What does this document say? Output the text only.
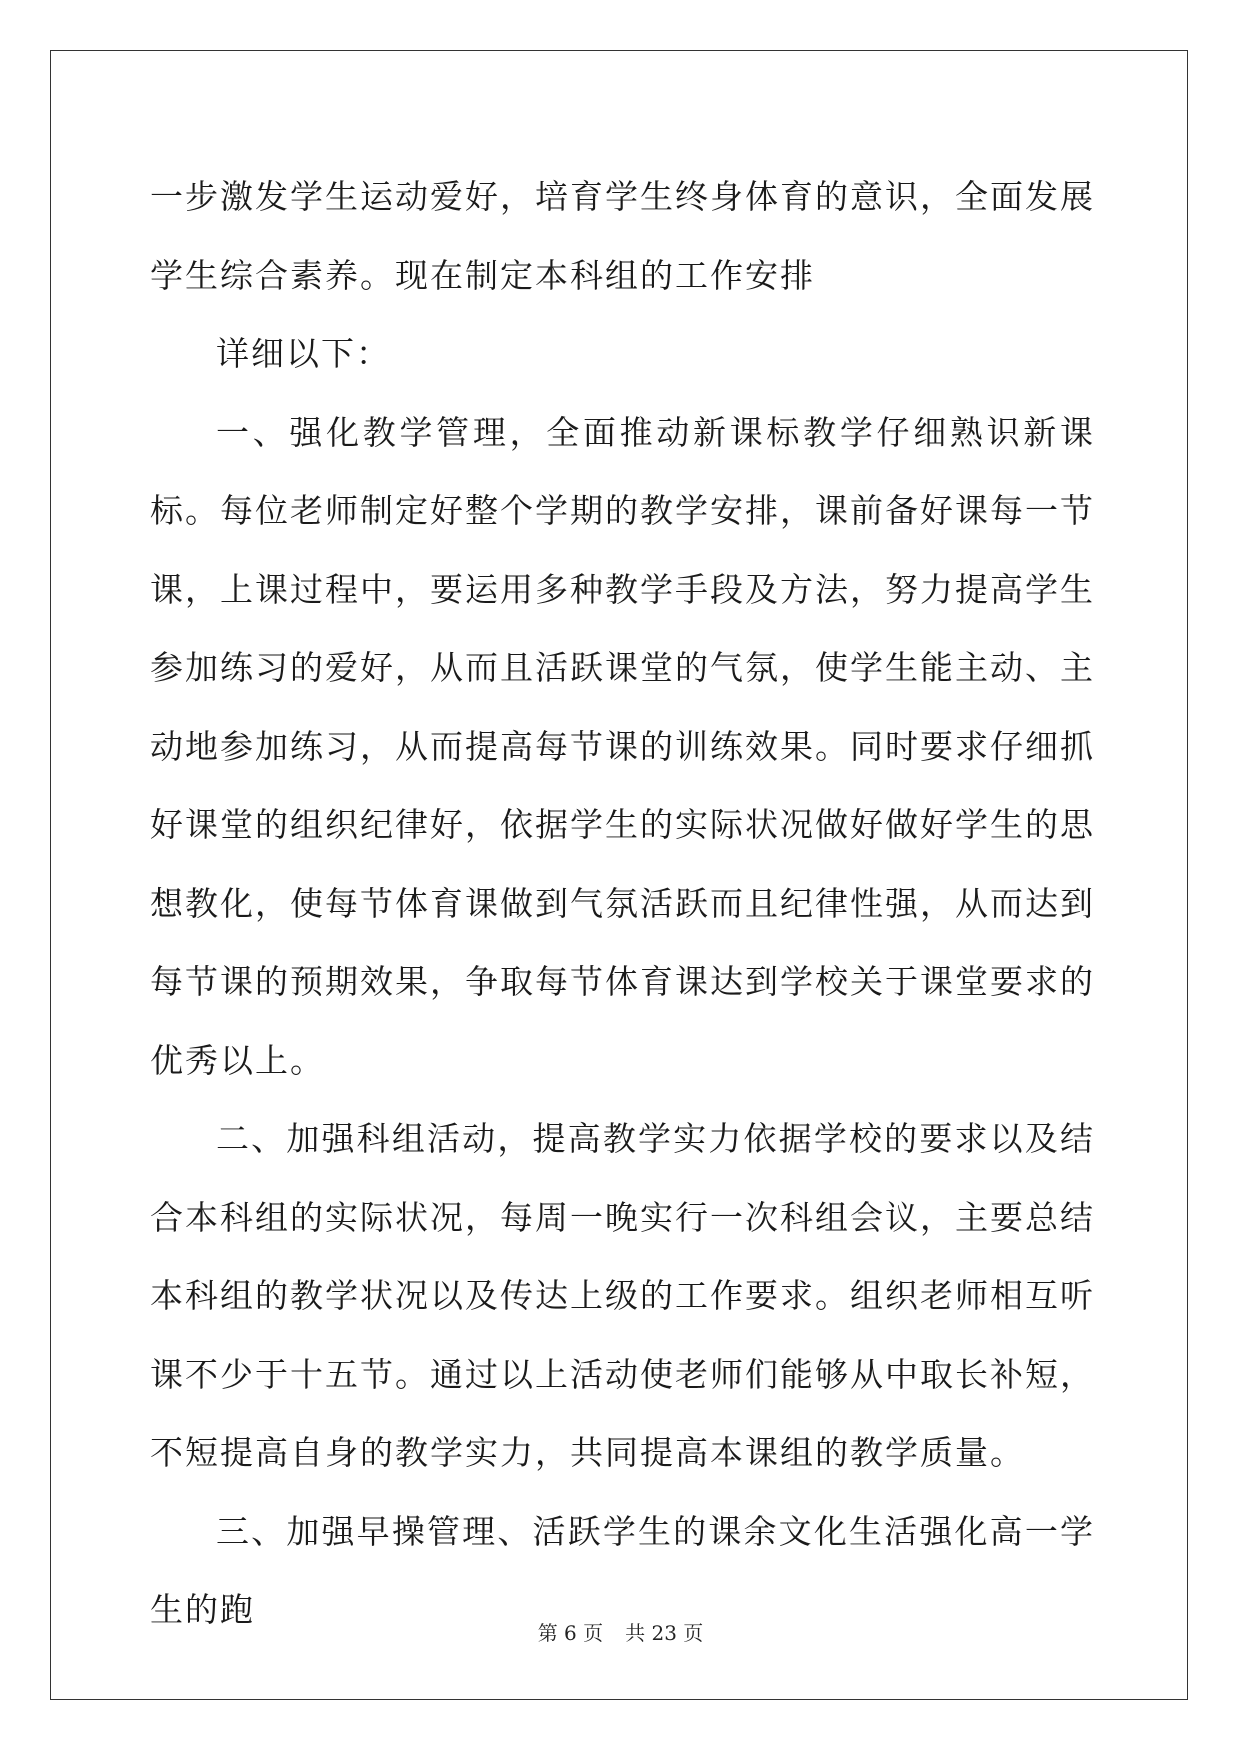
一步激发学生运动爱好，培育学生终身体育的意识，全面发展学生综合素养。现在制定本科组的工作安排

详细以下：

一、强化教学管理，全面推动新课标教学仔细熟识新课标。每位老师制定好整个学期的教学安排，课前备好课每一节课，上课过程中，要运用多种教学手段及方法，努力提高学生参加练习的爱好，从而且活跃课堂的气氛，使学生能主动、主动地参加练习，从而提高每节课的训练效果。同时要求仔细抓好课堂的组织纪律好，依据学生的实际状况做好做好学生的思想教化，使每节体育课做到气氛活跃而且纪律性强，从而达到每节课的预期效果，争取每节体育课达到学校关于课堂要求的优秀以上。

二、加强科组活动，提高教学实力依据学校的要求以及结合本科组的实际状况，每周一晚实行一次科组会议，主要总结本科组的教学状况以及传达上级的工作要求。组织老师相互听课不少于十五节。通过以上活动使老师们能够从中取长补短，不短提高自身的教学实力，共同提高本课组的教学质量。

三、加强早操管理、活跃学生的课余文化生活强化高一学生的跑

第 6 页 共 23 页
